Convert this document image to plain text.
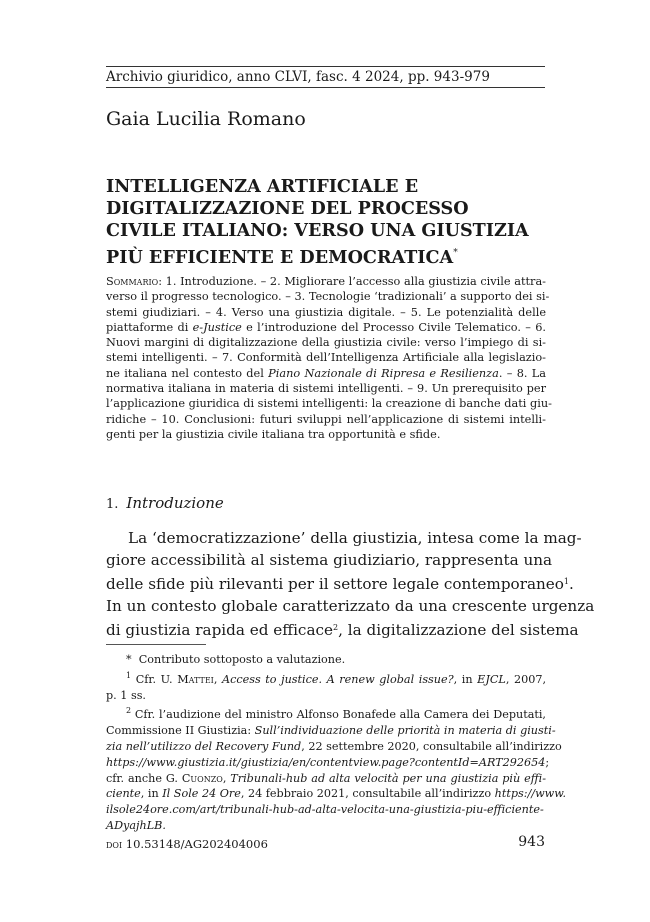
Archivio giuridico, anno CLVI, fasc. 4 2024, pp. 943-979
Gaia Lucilia Romano
INTELLIGENZA ARTIFICIALE E
DIGITALIZZAZIONE DEL PROCESSO
CIVILE ITALIANO: VERSO UNA GIUSTIZIA
PIÙ EFFICIENTE E DEMOCRATICA*
Sommario: 1. Introduzione. – 2. Migliorare l’accesso alla giustizia civile attra-
verso il progresso tecnologico. – 3. Tecnologie ‘tradizionali’ a supporto dei si-
stemi giudiziari. – 4. Verso una giustizia digitale. – 5. Le potenzialità delle
piattaforme di e-Justice e l’introduzione del Processo Civile Telematico. – 6.
Nuovi margini di digitalizzazione della giustizia civile: verso l’impiego di si-
stemi intelligenti. – 7. Conformità dell’Intelligenza Artificiale alla legislazio-
ne italiana nel contesto del Piano Nazionale di Ripresa e Resilienza. – 8. La
normativa italiana in materia di sistemi intelligenti. – 9. Un prerequisito per
l’applicazione giuridica di sistemi intelligenti: la creazione di banche dati giu-
ridiche – 10. Conclusioni: futuri sviluppi nell’applicazione di sistemi intelli-
genti per la giustizia civile italiana tra opportunità e sfide.
1. Introduzione
La ‘democratizzazione’ della giustizia, intesa come la mag-
giore accessibilità al sistema giudiziario, rappresenta una
delle sfide più rilevanti per il settore legale contemporaneo$^1$.
In un contesto globale caratterizzato da una crescente urgenza
di giustizia rapida ed efficace$^2$, la digitalizzazione del sistema
* Contributo sottoposto a valutazione.
$^1$ Cfr. U. Mattei, Access to justice. A renew global issue?, in EJCL, 2007,
p. 1 ss.
$^2$ Cfr. l’audizione del ministro Alfonso Bonafede alla Camera dei Deputati,
Commissione II Giustizia: Sull’individuazione delle priorità in materia di giusti-
zia nell’utilizzo del Recovery Fund, 22 settembre 2020, consultabile all’indirizzo
https://www.giustizia.it/giustizia/en/contentview.page?contentId=ART292654;
cfr. anche G. Cuonzo, Tribunali-hub ad alta velocità per una giustizia più effi-
ciente, in Il Sole 24 Ore, 24 febbraio 2021, consultabile all’indirizzo https://www.
ilsole24ore.com/art/tribunali-hub-ad-alta-velocita-una-giustizia-piu-efficiente-
ADyajhLB.
doi 10.53148/AG202404006	943
